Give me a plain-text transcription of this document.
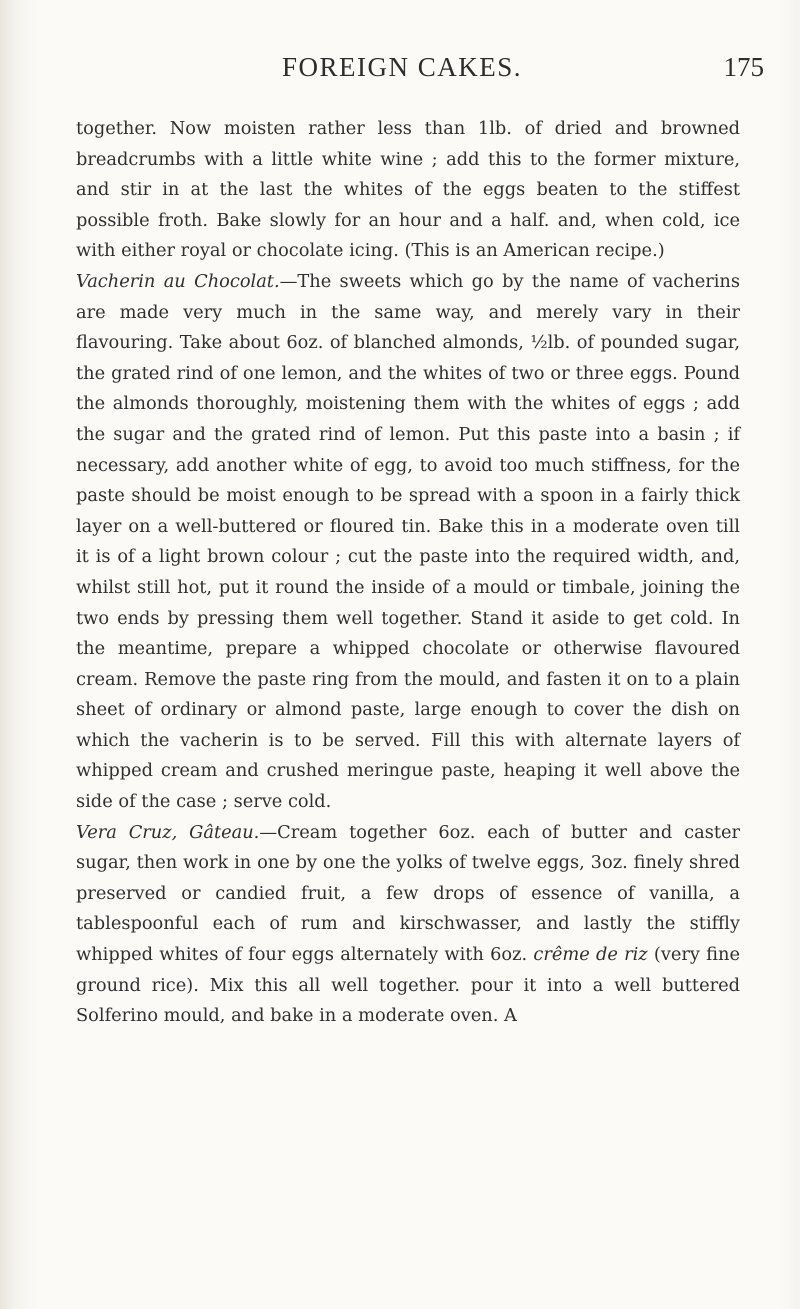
FOREIGN CAKES.	175

together. Now moisten rather less than 1lb. of dried and browned breadcrumbs with a little white wine ; add this to the former mixture, and stir in at the last the whites of the eggs beaten to the stiffest possible froth. Bake slowly for an hour and a half. and, when cold, ice with either royal or chocolate icing. (This is an American recipe.)

Vacherin au Chocolat.—The sweets which go by the name of vacherins are made very much in the same way, and merely vary in their flavouring. Take about 6oz. of blanched almonds, ½lb. of pounded sugar, the grated rind of one lemon, and the whites of two or three eggs. Pound the almonds thoroughly, moistening them with the whites of eggs ; add the sugar and the grated rind of lemon. Put this paste into a basin ; if necessary, add another white of egg, to avoid too much stiffness, for the paste should be moist enough to be spread with a spoon in a fairly thick layer on a well-buttered or floured tin. Bake this in a moderate oven till it is of a light brown colour ; cut the paste into the required width, and, whilst still hot, put it round the inside of a mould or timbale, joining the two ends by pressing them well together. Stand it aside to get cold. In the meantime, prepare a whipped chocolate or otherwise flavoured cream. Remove the paste ring from the mould, and fasten it on to a plain sheet of ordinary or almond paste, large enough to cover the dish on which the vacherin is to be served. Fill this with alternate layers of whipped cream and crushed meringue paste, heaping it well above the side of the case ; serve cold.

Vera Cruz, Gâteau.—Cream together 6oz. each of butter and caster sugar, then work in one by one the yolks of twelve eggs, 3oz. finely shred preserved or candied fruit, a few drops of essence of vanilla, a tablespoonful each of rum and kirschwasser, and lastly the stiffly whipped whites of four eggs alternately with 6oz. crême de riz (very fine ground rice). Mix this all well together. pour it into a well buttered Solferino mould, and bake in a moderate oven. A
